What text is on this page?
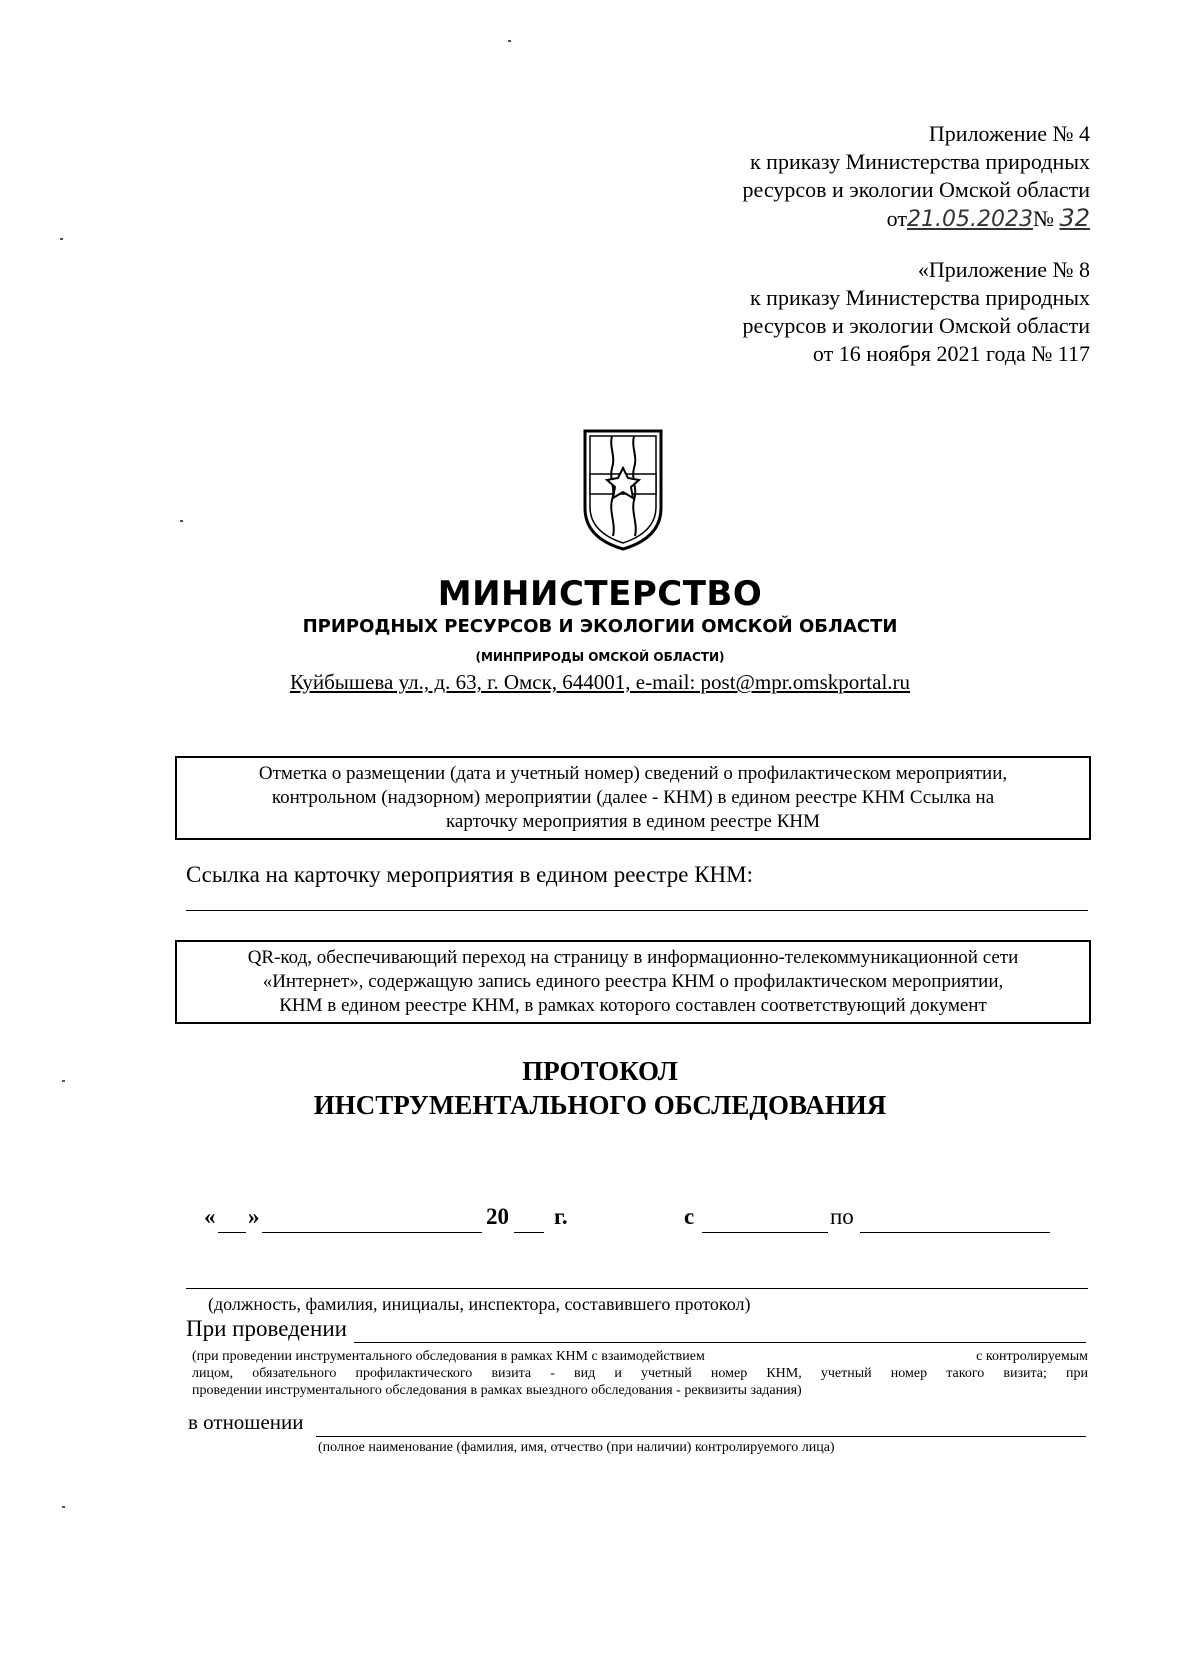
Приложение № 4
к приказу Министерства природных
ресурсов и экологии Омской области
от21.05.2023№ 32
«Приложение № 8
к приказу Министерства природных
ресурсов и экологии Омской области
от 16 ноября 2021 года № 117
МИНИСТЕРСТВО
ПРИРОДНЫХ РЕСУРСОВ И ЭКОЛОГИИ ОМСКОЙ ОБЛАСТИ
(МИНПРИРОДЫ ОМСКОЙ ОБЛАСТИ)
Куйбышева ул., д. 63, г. Омск, 644001, e-mail: post@mpr.omskportal.ru
Отметка о размещении (дата и учетный номер) сведений о профилактическом мероприятии,
контрольном (надзорном) мероприятии (далее - КНМ) в едином реестре КНМ Ссылка на
карточку мероприятия в едином реестре КНМ
Ссылка на карточку мероприятия в едином реестре КНМ:
QR-код, обеспечивающий переход на страницу в информационно-телекоммуникационной сети
«Интернет», содержащую запись единого реестра КНМ о профилактическом мероприятии,
КНМ в едином реестре КНМ, в рамках которого составлен соответствующий документ
ПРОТОКОЛ
ИНСТРУМЕНТАЛЬНОГО ОБСЛЕДОВАНИЯ
« »	20 г.	с	по
(должность, фамилия, инициалы, инспектора, составившего протокол)
При проведении
(при проведении инструментального обследования в рамках КНМ с взаимодействием	с контролируемым
лицом, обязательного профилактического визита - вид и учетный номер КНМ, учетный номер такого визита; при
проведении инструментального обследования в рамках выездного обследования - реквизиты задания)
в отношении
(полное наименование (фамилия, имя, отчество (при наличии) контролируемого лица)
